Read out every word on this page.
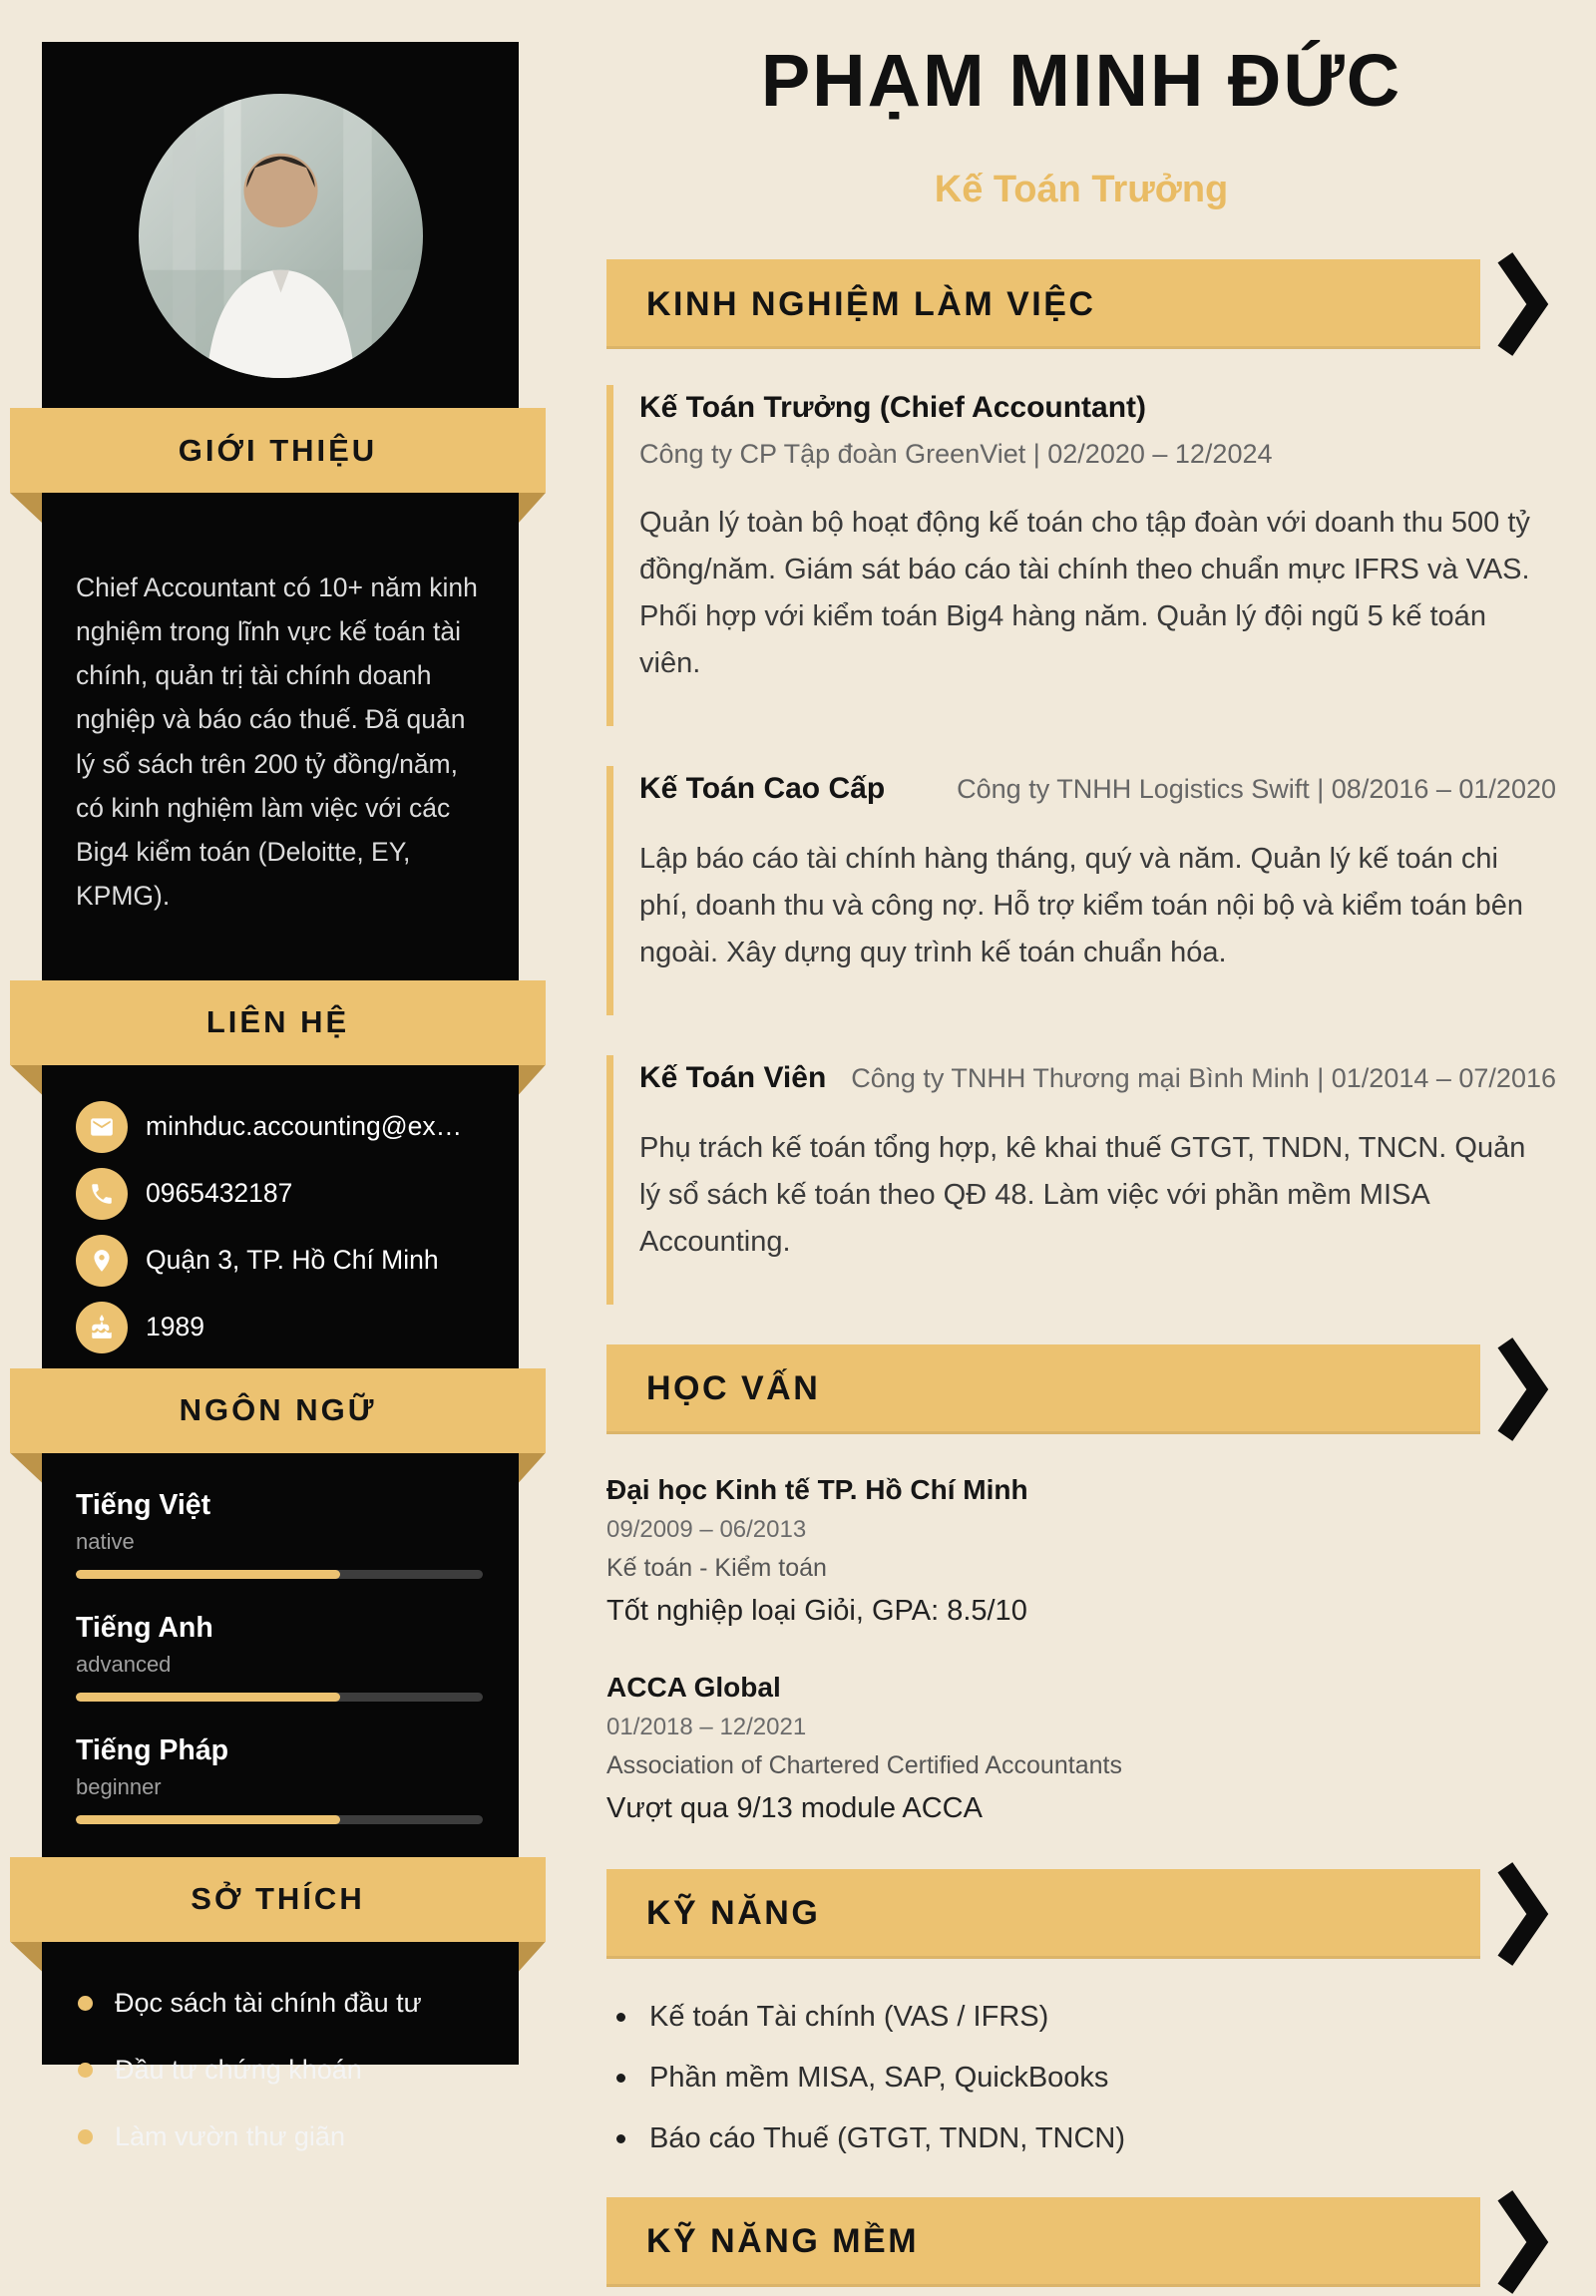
GIỚI THIỆU

Chief Accountant có 10+ năm kinh nghiệm trong lĩnh vực kế toán tài chính, quản trị tài chính doanh nghiệp và báo cáo thuế. Đã quản lý sổ sách trên 200 tỷ đồng/năm, có kinh nghiệm làm việc với các Big4 kiểm toán (Deloitte, EY, KPMG).

LIÊN HỆ
minhduc.accounting@ex…
0965432187
Quận 3, TP. Hồ Chí Minh
1989
NGÔN NGỮ
Tiếng Việt
native
Tiếng Anh
advanced
Tiếng Pháp
beginner
SỞ THÍCH
Đọc sách tài chính đầu tư
Đầu tư chứng khoán
Làm vườn thư giãn
PHẠM MINH ĐỨC
Kế Toán Trưởng
KINH NGHIỆM LÀM VIỆC
Kế Toán Trưởng (Chief Accountant)
Công ty CP Tập đoàn GreenViet | 02/2020 – 12/2024

Quản lý toàn bộ hoạt động kế toán cho tập đoàn với doanh thu 500 tỷ đồng/năm. Giám sát báo cáo tài chính theo chuẩn mực IFRS và VAS. Phối hợp với kiểm toán Big4 hàng năm. Quản lý đội ngũ 5 kế toán viên.

Kế Toán Cao Cấp	Công ty TNHH Logistics Swift | 08/2016 – 01/2020

Lập báo cáo tài chính hàng tháng, quý và năm. Quản lý kế toán chi phí, doanh thu và công nợ. Hỗ trợ kiểm toán nội bộ và kiểm toán bên ngoài. Xây dựng quy trình kế toán chuẩn hóa.

Kế Toán Viên Công ty TNHH Thương mại Bình Minh | 01/2014 – 07/2016

Phụ trách kế toán tổng hợp, kê khai thuế GTGT, TNDN, TNCN. Quản lý sổ sách kế toán theo QĐ 48. Làm việc với phần mềm MISA Accounting.

HỌC VẤN
Đại học Kinh tế TP. Hồ Chí Minh
09/2009 – 06/2013
Kế toán - Kiểm toán
Tốt nghiệp loại Giỏi, GPA: 8.5/10
ACCA Global
01/2018 – 12/2021
Association of Chartered Certified Accountants
Vượt qua 9/13 module ACCA
KỸ NĂNG
Kế toán Tài chính (VAS / IFRS)
Phần mềm MISA, SAP, QuickBooks
Báo cáo Thuế (GTGT, TNDN, TNCN)
KỸ NĂNG MỀM
